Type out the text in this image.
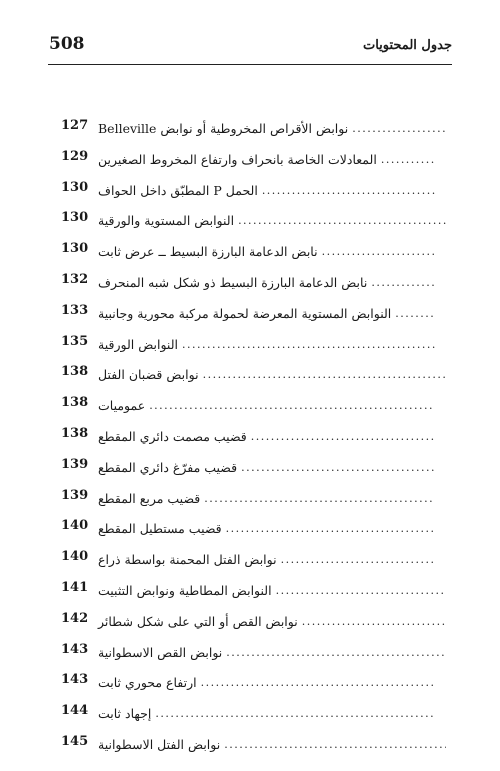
508	جدول المحتويات
127 نوابض الأقراص المخروطية أو نوابض Belleville
.....
129 المعادلات الخاصة بانحراف وارتفاع المخروط الصغيرين
.....
130 الحمل P المطبّق داخل الحواف
.....
130 النوابض المستوية والورقية
.....
130 نابض الدعامة البارزة البسيط ــ عرض ثابت
.....
132 نابض الدعامة البارزة البسيط ذو شكل شبه المنحرف
.....
133 النوابض المستوية المعرضة لحمولة مركبة محورية وجانبية
.....
135 النوابض الورقية
.....
138 نوابض قضبان الفتل
.....
138 عموميات
.....
138 قضيب مصمت دائري المقطع
.....
139 قضيب مفرّغ دائري المقطع
.....
139 قضيب مربع المقطع
.....
140 قضيب مستطيل المقطع
.....
140 نوابض الفتل المحمنة بواسطة ذراع
.....
141 النوابض المطاطية ونوابض التثبيت
.....
142 نوابض القص أو التي على شكل شطائر
.....
143 نوابض القص الاسطوانية
.....
143 ارتفاع محوري ثابت
.....
144 إجهاد ثابت
.....
145 نوابض الفتل الاسطوانية
.....
